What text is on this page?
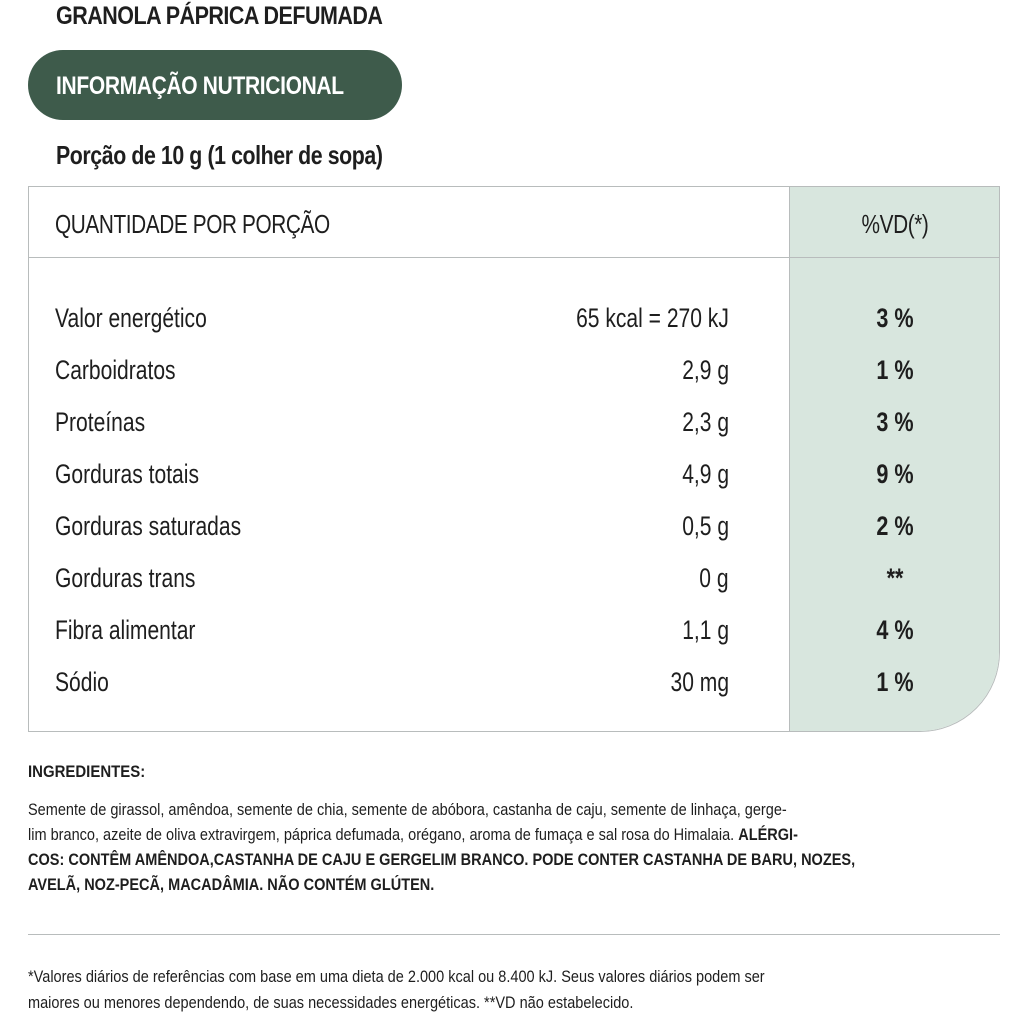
GRANOLA PÁPRICA DEFUMADA
INFORMAÇÃO NUTRICIONAL
Porção de 10 g (1 colher de sopa)
QUANTIDADE POR PORÇÃO	%VD(*)
Valor energético	65 kcal = 270 kJ	3 %
Carboidratos	2,9 g	1 %
Proteínas	2,3 g	3 %
Gorduras totais	4,9 g	9 %
Gorduras saturadas	0,5 g	2 %
Gorduras trans	0 g	**
Fibra alimentar	1,1 g	4 %
Sódio	30 mg	1 %
INGREDIENTES:
Semente de girassol, amêndoa, semente de chia, semente de abóbora, castanha de caju, semente de linhaça, gerge-
lim branco, azeite de oliva extravirgem, páprica defumada, orégano, aroma de fumaça e sal rosa do Himalaia. ALÉRGI-
COS: CONTÊM AMÊNDOA,CASTANHA DE CAJU E GERGELIM BRANCO. PODE CONTER CASTANHA DE BARU, NOZES,
AVELÃ, NOZ-PECÃ, MACADÂMIA. NÃO CONTÉM GLÚTEN.
*Valores diários de referências com base em uma dieta de 2.000 kcal ou 8.400 kJ. Seus valores diários podem ser
maiores ou menores dependendo, de suas necessidades energéticas. **VD não estabelecido.
